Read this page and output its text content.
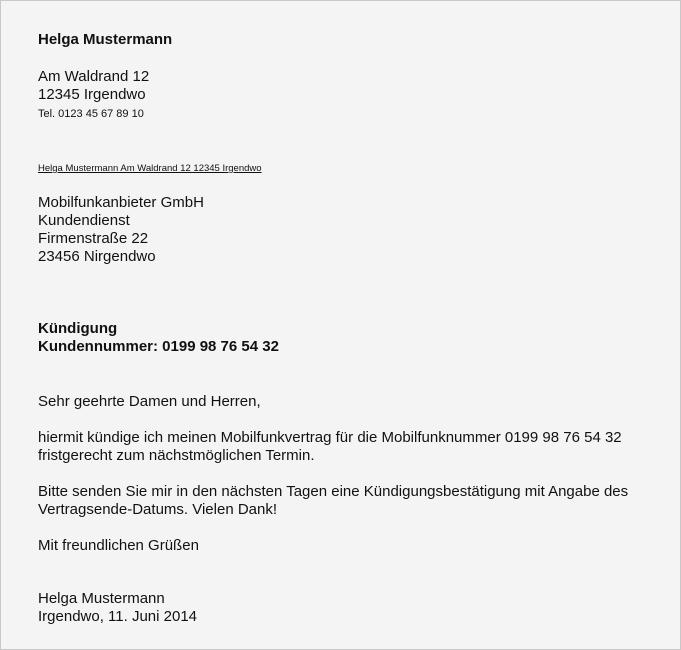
Helga Mustermann

Am Waldrand 12

12345 Irgendwo

Tel. 0123 45 67 89 10

Helga Mustermann Am Waldrand 12 12345 Irgendwo

Mobilfunkanbieter GmbH

Kundendienst

Firmenstraße 22

23456 Nirgendwo

Kündigung

Kundennummer: 0199 98 76 54 32

Sehr geehrte Damen und Herren,

hiermit kündige ich meinen Mobilfunkvertrag für die Mobilfunknummer 0199 98 76 54 32

fristgerecht zum nächstmöglichen Termin.

Bitte senden Sie mir in den nächsten Tagen eine Kündigungsbestätigung mit Angabe des

Vertragsende-Datums. Vielen Dank!

Mit freundlichen Grüßen

Helga Mustermann

Irgendwo, 11. Juni 2014
